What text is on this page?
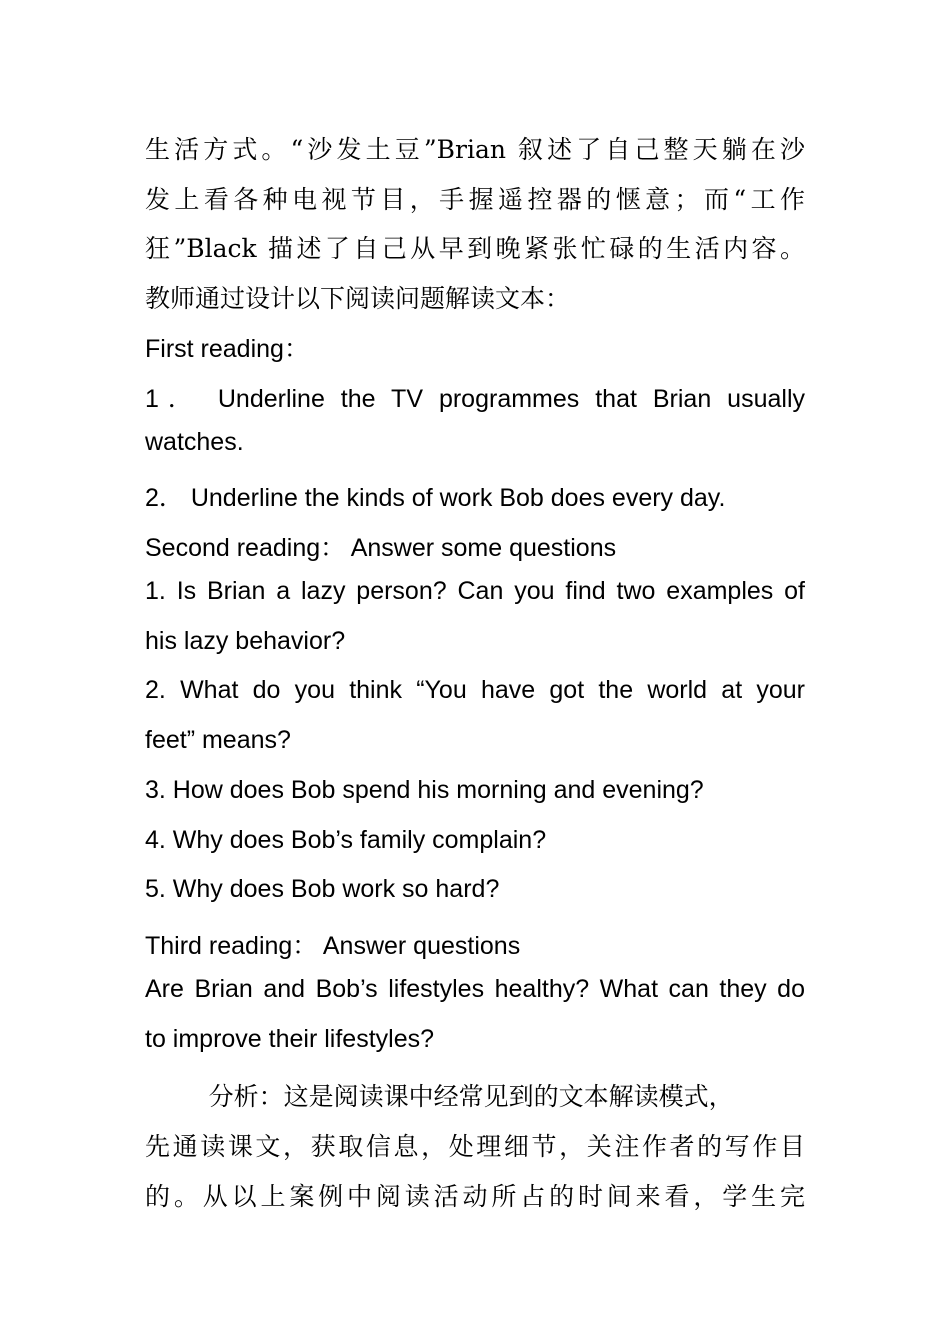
生活方式。“沙发土豆”Brian 叙述了自己整天躺在沙
发上看各种电视节目，手握遥控器的惬意；而“工作
狂”Black 描述了自己从早到晚紧张忙碌的生活内容。
教师通过设计以下阅读问题解读文本：
First reading：
1． Underline the TV programmes that Brian usually
watches.
2． Underline the kinds of work Bob does every day.
Second reading： Answer some questions
1. Is Brian a lazy person? Can you find two examples of
his lazy behavior?
2. What do you think “You have got the world at your
feet” means?
3. How does Bob spend his morning and evening?
4. Why does Bob’s family complain?
5. Why does Bob work so hard?
Third reading： Answer questions
Are Brian and Bob’s lifestyles healthy? What can they do
to improve their lifestyles?
分析：这是阅读课中经常见到的文本解读模式，
先通读课文，获取信息，处理细节，关注作者的写作目
的。从以上案例中阅读活动所占的时间来看，学生完
